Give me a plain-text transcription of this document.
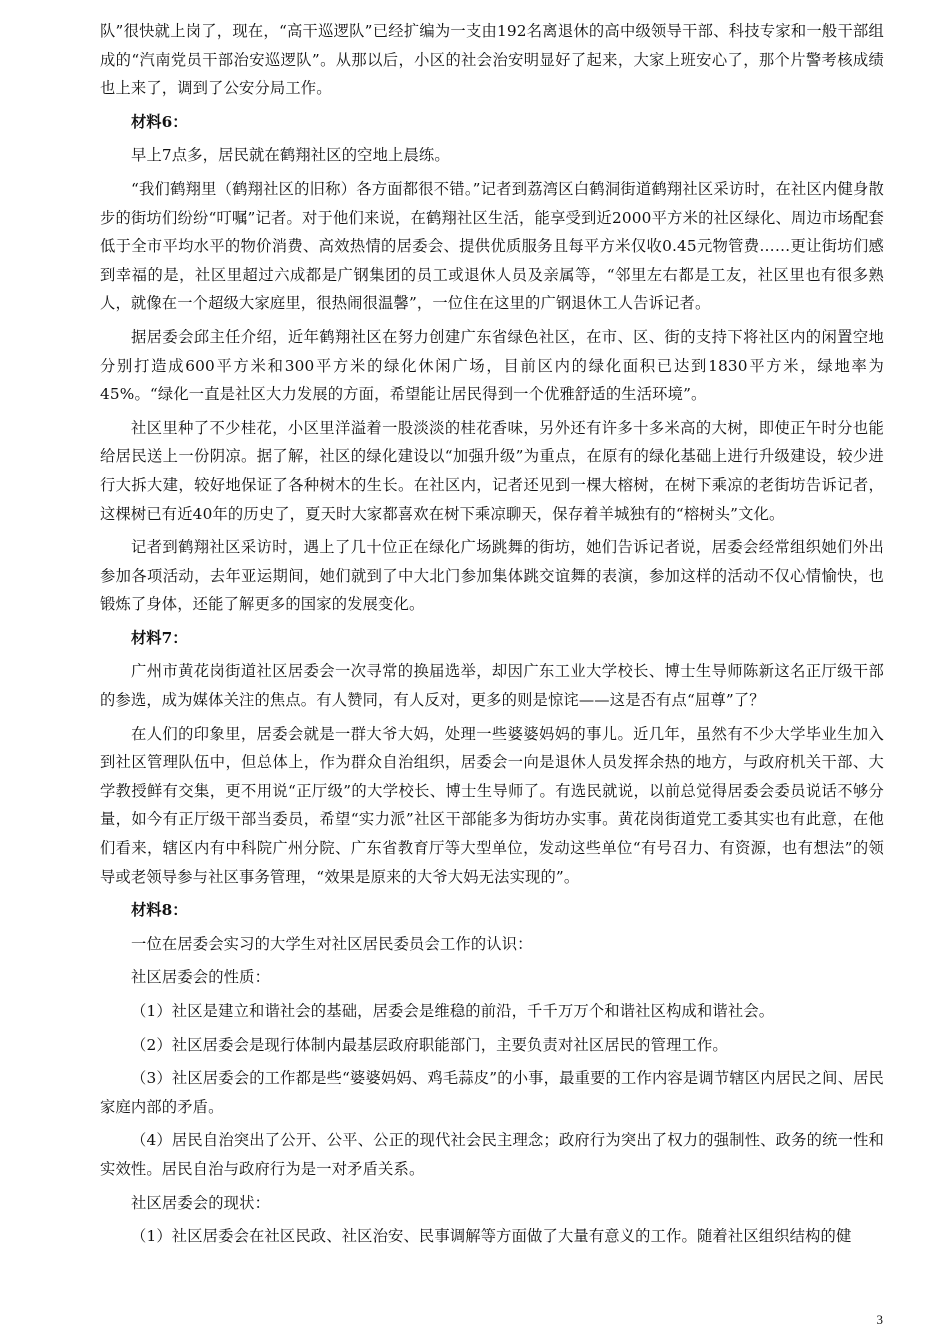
队”很快就上岗了，现在，“高干巡逻队”已经扩编为一支由192名离退休的高中级领导干部、科技专家和一般干部组成的“汽南党员干部治安巡逻队”。从那以后，小区的社会治安明显好了起来，大家上班安心了，那个片警考核成绩也上来了，调到了公安分局工作。

材料6：

早上7点多，居民就在鹤翔社区的空地上晨练。

“我们鹤翔里（鹤翔社区的旧称）各方面都很不错。”记者到荔湾区白鹤洞街道鹤翔社区采访时，在社区内健身散步的街坊们纷纷“叮嘱”记者。对于他们来说，在鹤翔社区生活，能享受到近2000平方米的社区绿化、周边市场配套低于全市平均水平的物价消费、高效热情的居委会、提供优质服务且每平方米仅收0.45元物管费……更让街坊们感到幸福的是，社区里超过六成都是广钢集团的员工或退休人员及亲属等，“邻里左右都是工友，社区里也有很多熟人，就像在一个超级大家庭里，很热闹很温馨”，一位住在这里的广钢退休工人告诉记者。

据居委会邱主任介绍，近年鹤翔社区在努力创建广东省绿色社区，在市、区、街的支持下将社区内的闲置空地分别打造成600平方米和300平方米的绿化休闲广场，目前区内的绿化面积已达到1830平方米，绿地率为45%。“绿化一直是社区大力发展的方面，希望能让居民得到一个优雅舒适的生活环境”。

社区里种了不少桂花，小区里洋溢着一股淡淡的桂花香味，另外还有许多十多米高的大树，即使正午时分也能给居民送上一份阴凉。据了解，社区的绿化建设以“加强升级”为重点，在原有的绿化基础上进行升级建设，较少进行大拆大建，较好地保证了各种树木的生长。在社区内，记者还见到一棵大榕树，在树下乘凉的老街坊告诉记者，这棵树已有近40年的历史了，夏天时大家都喜欢在树下乘凉聊天，保存着羊城独有的“榕树头”文化。

记者到鹤翔社区采访时，遇上了几十位正在绿化广场跳舞的街坊，她们告诉记者说，居委会经常组织她们外出参加各项活动，去年亚运期间，她们就到了中大北门参加集体跳交谊舞的表演，参加这样的活动不仅心情愉快，也锻炼了身体，还能了解更多的国家的发展变化。

材料7：

广州市黄花岗街道社区居委会一次寻常的换届选举，却因广东工业大学校长、博士生导师陈新这名正厅级干部的参选，成为媒体关注的焦点。有人赞同，有人反对，更多的则是惊诧——这是否有点“屈尊”了？

在人们的印象里，居委会就是一群大爷大妈，处理一些婆婆妈妈的事儿。近几年，虽然有不少大学毕业生加入到社区管理队伍中，但总体上，作为群众自治组织，居委会一向是退休人员发挥余热的地方，与政府机关干部、大学教授鲜有交集，更不用说“正厅级”的大学校长、博士生导师了。有选民就说，以前总觉得居委会委员说话不够分量，如今有正厅级干部当委员，希望“实力派”社区干部能多为街坊办实事。黄花岗街道党工委其实也有此意，在他们看来，辖区内有中科院广州分院、广东省教育厅等大型单位，发动这些单位“有号召力、有资源，也有想法”的领导或老领导参与社区事务管理，“效果是原来的大爷大妈无法实现的”。

材料8：

一位在居委会实习的大学生对社区居民委员会工作的认识：

社区居委会的性质：

（1）社区是建立和谐社会的基础，居委会是维稳的前沿，千千万万个和谐社区构成和谐社会。

（2）社区居委会是现行体制内最基层政府职能部门，主要负责对社区居民的管理工作。

（3）社区居委会的工作都是些“婆婆妈妈、鸡毛蒜皮”的小事，最重要的工作内容是调节辖区内居民之间、居民家庭内部的矛盾。

（4）居民自治突出了公开、公平、公正的现代社会民主理念；政府行为突出了权力的强制性、政务的统一性和实效性。居民自治与政府行为是一对矛盾关系。

社区居委会的现状：

（1）社区居委会在社区民政、社区治安、民事调解等方面做了大量有意义的工作。随着社区组织结构的健

3
